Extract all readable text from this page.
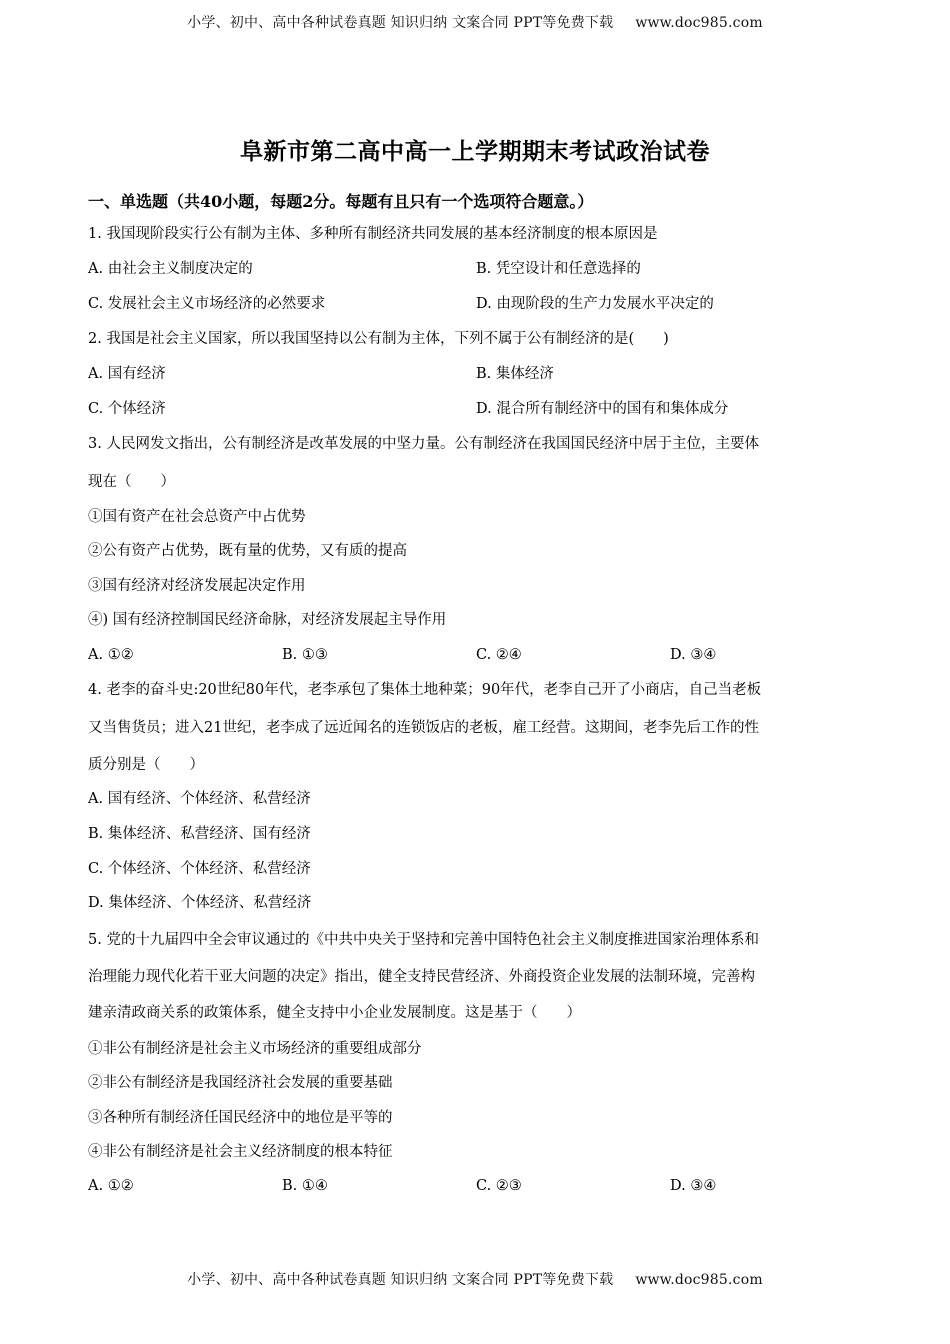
小学、初中、高中各种试卷真题 知识归纳 文案合同 PPT等免费下载 www.doc985.com
阜新市第二高中高一上学期期末考试政治试卷
一、单选题（共40小题，每题2分。每题有且只有一个选项符合题意。）
1. 我国现阶段实行公有制为主体、多种所有制经济共同发展的基本经济制度的根本原因是
A. 由社会主义制度决定的	B. 凭空设计和任意选择的
C. 发展社会主义市场经济的必然要求	D. 由现阶段的生产力发展水平决定的
2. 我国是社会主义国家，所以我国坚持以公有制为主体，下列不属于公有制经济的是(　　)
A. 国有经济	B. 集体经济
C. 个体经济	D. 混合所有制经济中的国有和集体成分
3. 人民网发文指出，公有制经济是改革发展的中坚力量。公有制经济在我国国民经济中居于主位，主要体
现在（　　）
①国有资产在社会总资产中占优势
②公有资产占优势，既有量的优势，又有质的提高
③国有经济对经济发展起决定作用
④) 国有经济控制国民经济命脉，对经济发展起主导作用
A. ①②	B. ①③	C. ②④	D. ③④
4. 老李的奋斗史:20世纪80年代，老李承包了集体土地种菜；90年代，老李自己开了小商店，自己当老板
又当售货员；进入21世纪，老李成了远近闻名的连锁饭店的老板，雇工经营。这期间，老李先后工作的性
质分别是（　　）
A. 国有经济、个体经济、私营经济
B. 集体经济、私营经济、国有经济
C. 个体经济、个体经济、私营经济
D. 集体经济、个体经济、私营经济
5. 党的十九届四中全会审议通过的《中共中央关于坚持和完善中国特色社会主义制度推进国家治理体系和
治理能力现代化若干亚大问题的决定》指出，健全支持民营经济、外商投资企业发展的法制环境，完善构
建亲清政商关系的政策体系，健全支持中小企业发展制度。这是基于（　　）
①非公有制经济是社会主义市场经济的重要组成部分
②非公有制经济是我国经济社会发展的重要基础
③各种所有制经济任国民经济中的地位是平等的
④非公有制经济是社会主义经济制度的根本特征
A. ①②	B. ①④	C. ②③	D. ③④
小学、初中、高中各种试卷真题 知识归纳 文案合同 PPT等免费下载 www.doc985.com
